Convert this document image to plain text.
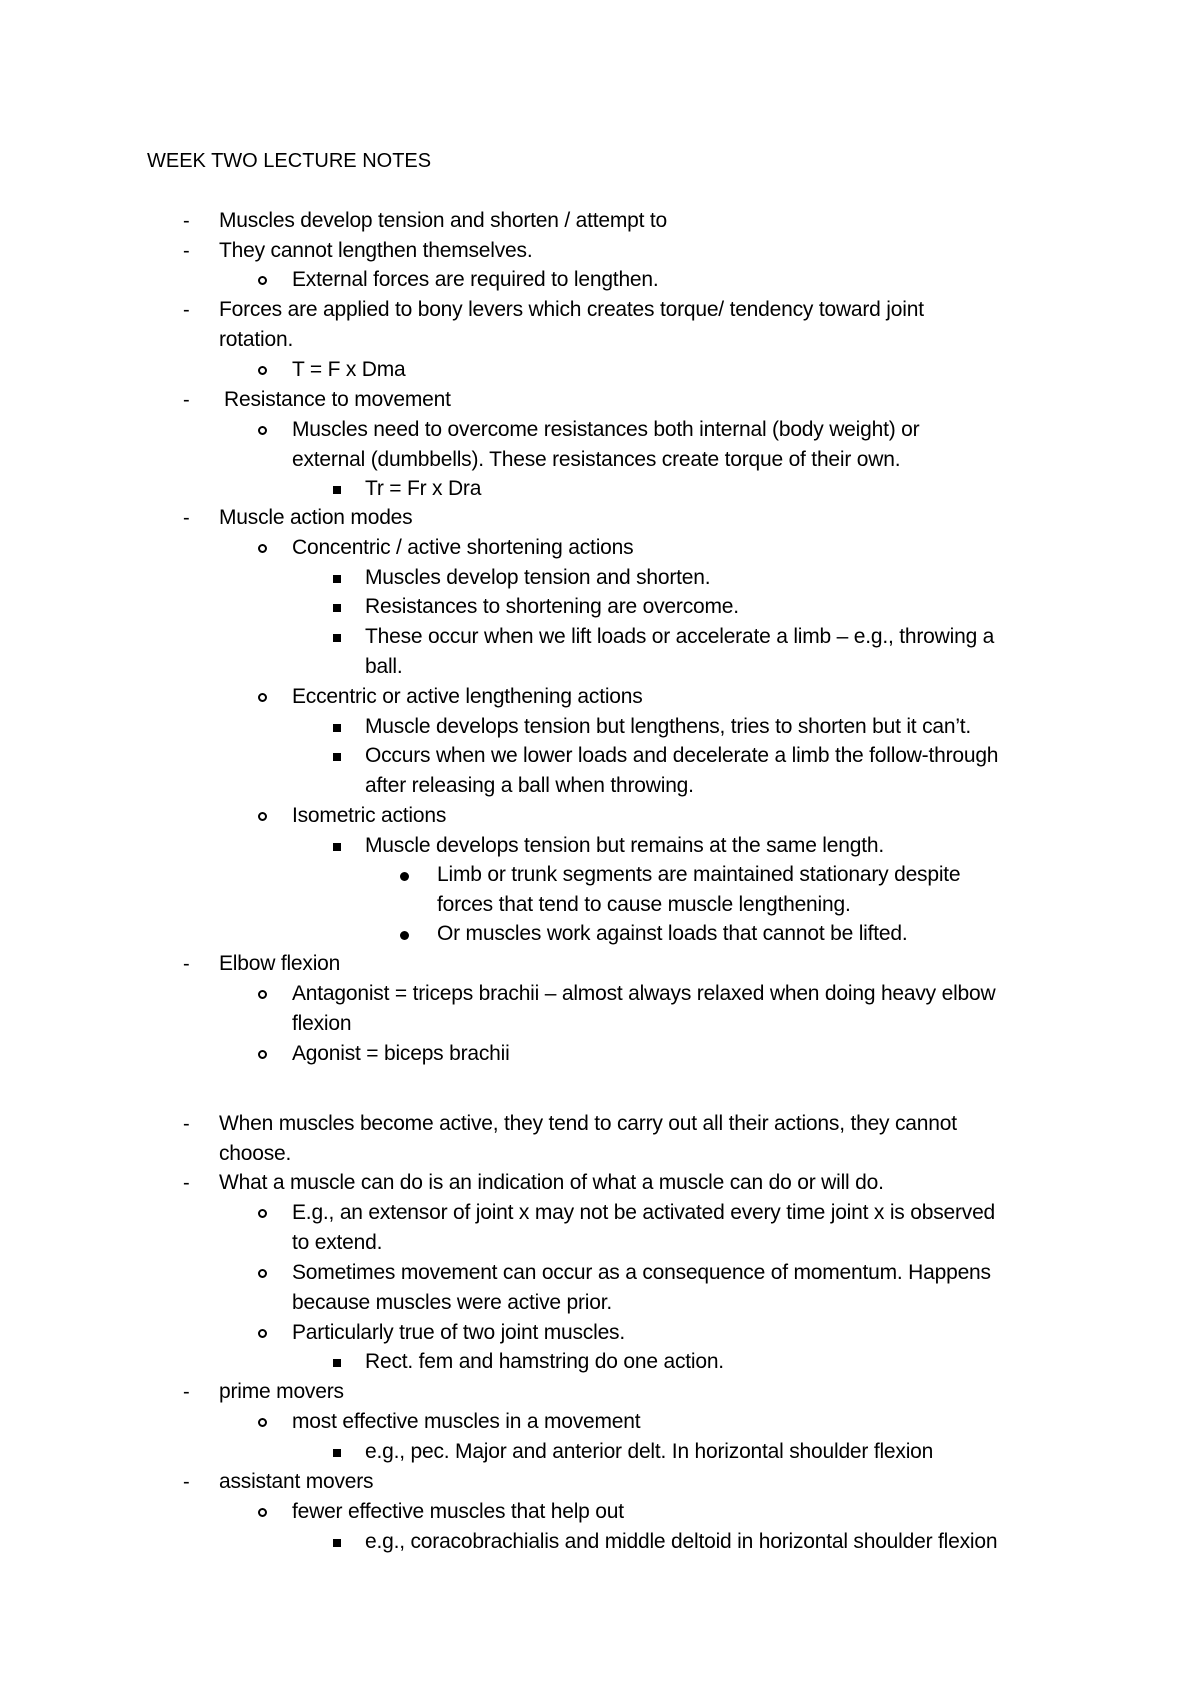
WEEK TWO LECTURE NOTES
- Muscles develop tension and shorten / attempt to
- They cannot lengthen themselves.
External forces are required to lengthen.
- Forces are applied to bony levers which creates torque/ tendency toward joint
rotation.
T = F x Dma
- Resistance to movement
Muscles need to overcome resistances both internal (body weight) or
external (dumbbells). These resistances create torque of their own.
Tr = Fr x Dra
- Muscle action modes
Concentric / active shortening actions
Muscles develop tension and shorten.
Resistances to shortening are overcome.
These occur when we lift loads or accelerate a limb – e.g., throwing a
ball.
Eccentric or active lengthening actions
Muscle develops tension but lengthens, tries to shorten but it can’t.
Occurs when we lower loads and decelerate a limb the follow-through
after releasing a ball when throwing.
Isometric actions
Muscle develops tension but remains at the same length.
Limb or trunk segments are maintained stationary despite
forces that tend to cause muscle lengthening.
Or muscles work against loads that cannot be lifted.
- Elbow flexion
Antagonist = triceps brachii – almost always relaxed when doing heavy elbow
flexion
Agonist = biceps brachii
- When muscles become active, they tend to carry out all their actions, they cannot
choose.
- What a muscle can do is an indication of what a muscle can do or will do.
E.g., an extensor of joint x may not be activated every time joint x is observed
to extend.
Sometimes movement can occur as a consequence of momentum. Happens
because muscles were active prior.
Particularly true of two joint muscles.
Rect. fem and hamstring do one action.
- prime movers
most effective muscles in a movement
e.g., pec. Major and anterior delt. In horizontal shoulder flexion
- assistant movers
fewer effective muscles that help out
e.g., coracobrachialis and middle deltoid in horizontal shoulder flexion
